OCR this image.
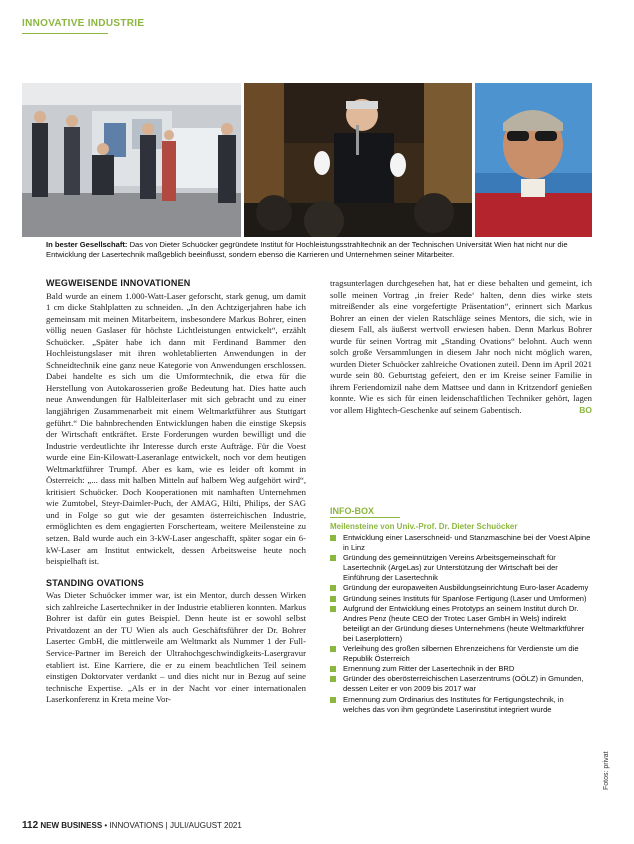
INNOVATIVE INDUSTRIE
In bester Gesellschaft: Das von Dieter Schuöcker gegründete Institut für Hochleistungsstrahltechnik an der Technischen Universität Wien hat nicht nur die Entwicklung der Lasertechnik maßgeblich beeinflusst, sondern ebenso die Karrieren und Unternehmen seiner Mitarbeiter.
WEGWEISENDE INNOVATIONEN

Bald wurde an einem 1.000-Watt-Laser geforscht, stark genug, um damit 1 cm dicke Stahlplatten zu schneiden. „In den Achtzigerjahren habe ich gemeinsam mit meinen Mitarbeitern, insbesondere Markus Bohrer, einen völlig neuen Gaslaser für höchste Lichtleistungen entwickelt“, erzählt Schuöcker. „Später habe ich dann mit Ferdinand Bammer den Hochleistungslaser mit ihren wohletablierten Anwendungen in der Schneidtechnik eine ganz neue Kategorie von Anwendungen erschlossen. Dabei handelte es sich um die Umformtechnik, die etwa für die Herstellung von Autokarosserien große Bedeutung hat. Dies hatte auch neue Anwendungen für Halbleiterlaser mit sich gebracht und zu einer langjährigen Zusammenarbeit mit einem Weltmarktführer aus Stuttgart geführt.“ Die bahnbrechenden Entwicklungen haben die einstige Skepsis der Wirtschaft entkräftet. Erste Forderungen wurden bewilligt und die Industrie verdeutlichte ihr Interesse durch erste Aufträge. Für die Voest wurde eine Ein-Kilowatt-Laseranlage entwickelt, noch vor dem heutigen Weltmarktführer Trumpf. Aber es kam, wie es leider oft kommt in Österreich: „... dass mit halben Mitteln auf halbem Weg aufgehört wird“, kritisiert Schuöcker. Doch Kooperationen mit namhaften Unternehmen wie Zumtobel, Steyr-Daimler-Puch, der AMAG, Hilti, Philips, der SAG und in Folge so gut wie der gesamten österreichischen Industrie, ermöglichten es dem engagierten Forscherteam, weitere Meilensteine zu setzen. Bald wurde auch ein 3-kW-Laser angeschafft, später sogar ein 6-kW-Laser am Institut entwickelt, dessen Arbeitsweise heute noch beispielhaft ist.

STANDING OVATIONS

Was Dieter Schuöcker immer war, ist ein Mentor, durch dessen Wirken sich zahlreiche Lasertechniker in der Industrie etablieren konnten. Markus Bohrer ist dafür ein gutes Beispiel. Denn heute ist er sowohl selbst Privatdozent an der TU Wien als auch Geschäftsführer der Dr. Bohrer Lasertec GmbH, die mittlerweile am Weltmarkt als Nummer 1 der Full-Service-Partner im Bereich der Ultrahochgeschwindigkeits-Lasergravur etabliert ist. Eine Karriere, die er zu einem beachtlichen Teil seinem einstigen Doktorvater verdankt – und dies nicht nur in Bezug auf seine technische Expertise. „Als er in der Nacht vor einer internationalen Laserkonferenz in Kreta meine Vor-

tragsunterlagen durchgesehen hat, hat er diese behalten und gemeint, ich solle meinen Vortrag ‚in freier Rede‘ halten, denn dies wirke stets mitreißender als eine vorgefertigte Präsentation“, erinnert sich Markus Bohrer an einen der vielen Ratschläge seines Mentors, die sich, wie in diesem Fall, als äußerst wertvoll erwiesen haben. Denn Markus Bohrer wurde für seinen Vortrag mit „Standing Ovations“ belohnt. Auch wenn solch große Versammlungen in diesem Jahr noch nicht möglich waren, wurden Dieter Schuöcker zahlreiche Ovationen zuteil. Denn im April 2021 wurde sein 80. Geburtstag gefeiert, den er im Kreise seiner Familie in ihrem Feriendomizil nahe dem Mattsee und dann in Kritzendorf genießen konnte. Wie es sich für einen leidenschaftlichen Techniker gehört, lagen vor allem Hightech-Geschenke auf seinem Gabentisch.	BO

INFO-BOX
Meilensteine von Univ.-Prof. Dr. Dieter Schuöcker
Entwicklung einer Laserschneid- und Stanzmaschine bei der Voest Alpine in Linz
Gründung des gemeinnützigen Vereins Arbeitsgemeinschaft für Lasertechnik (ArgeLas) zur Unterstützung der Wirtschaft bei der Einführung der Lasertechnik
Gründung der europaweiten Ausbildungseinrichtung Euro-laser Academy
Gründung seines Instituts für Spanlose Fertigung (Laser und Umformen)
Aufgrund der Entwicklung eines Prototyps an seinem Institut durch Dr. Andres Penz (heute CEO der Trotec Laser GmbH in Wels) indirekt beteiligt an der Gründung dieses Unternehmens (heute Weltmarktführer bei Laserplottern)
Verleihung des großen silbernen Ehrenzeichens für Verdienste um die Republik Österreich
Ernennung zum Ritter der Lasertechnik in der BRD
Gründer des oberösterreichischen Laserzentrums (OÖLZ) in Gmunden, dessen Leiter er von 2009 bis 2017 war
Ernennung zum Ordinarius des Institutes für Fertigungstechnik, in welches das von ihm gegründete Laserinstitut integriert wurde
Fotos: privat
112 NEW BUSINESS • INNOVATIONS | JULI/AUGUST 2021
